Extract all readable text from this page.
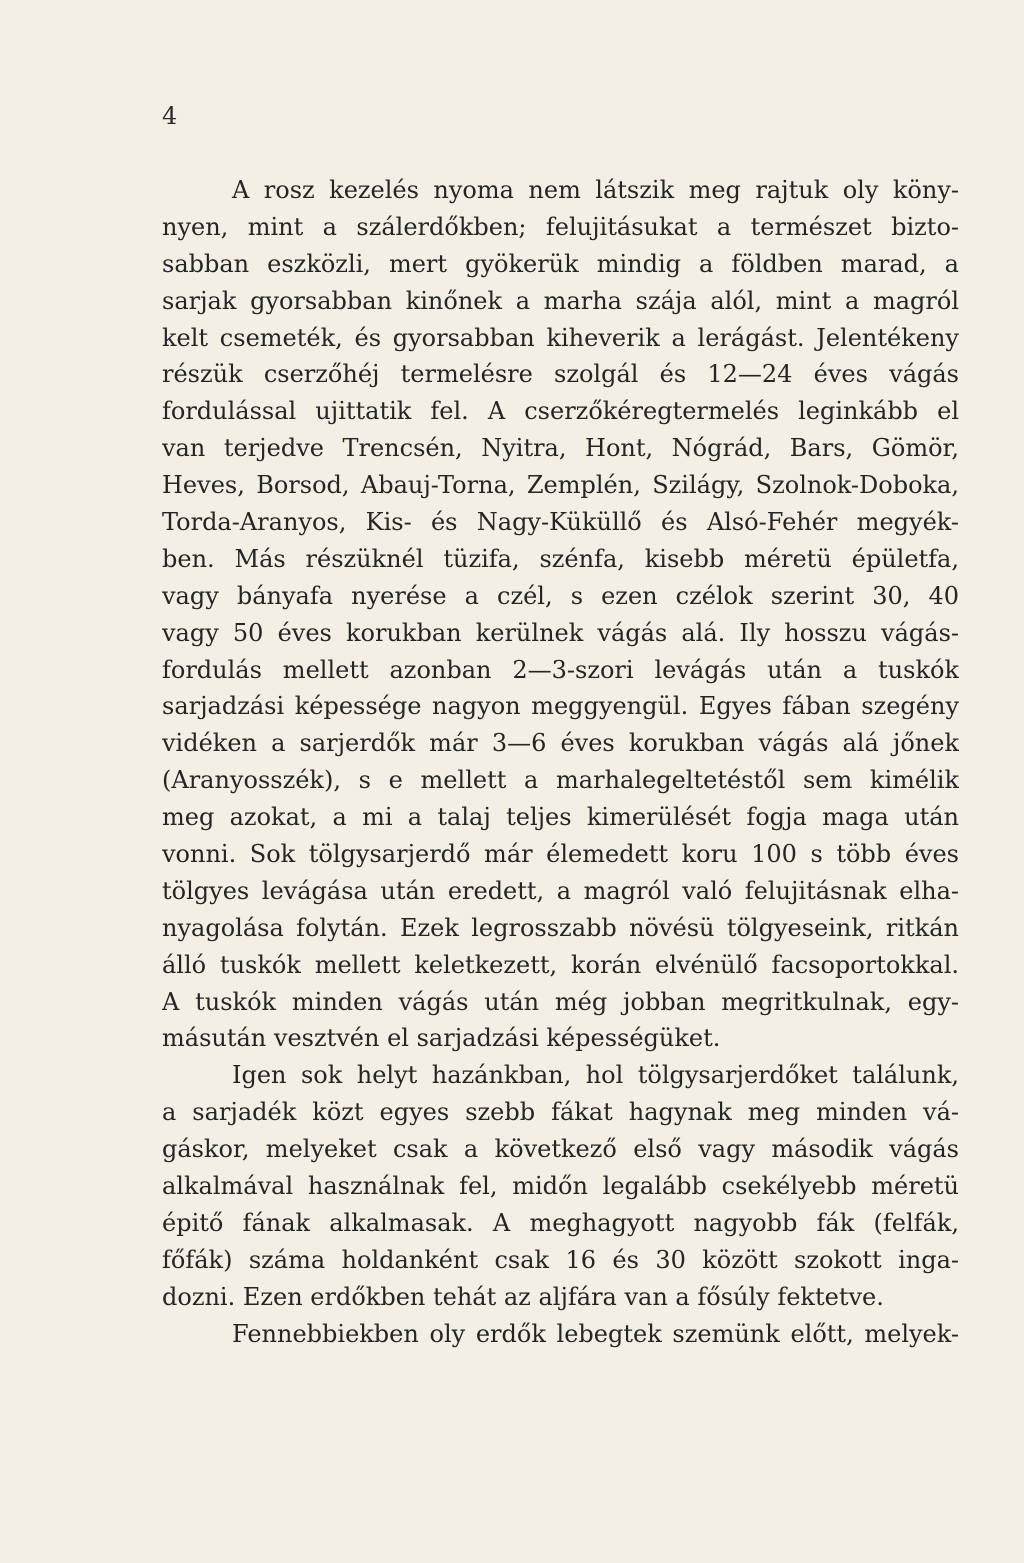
4
A rosz kezelés nyoma nem látszik meg rajtuk oly köny-
nyen, mint a szálerdőkben; felujitásukat a természet bizto-
sabban eszközli, mert gyökerük mindig a földben marad, a
sarjak gyorsabban kinőnek a marha szája alól, mint a magról
kelt csemeték, és gyorsabban kiheverik a lerágást. Jelentékeny
részük cserzőhéj termelésre szolgál és 12—24 éves vágás
fordulással ujittatik fel. A cserzőkéregtermelés leginkább el
van terjedve Trencsén, Nyitra, Hont, Nógrád, Bars, Gömör,
Heves, Borsod, Abauj-Torna, Zemplén, Szilágy, Szolnok-Doboka,
Torda-Aranyos, Kis- és Nagy-Küküllő és Alsó-Fehér megyék-
ben. Más részüknél tüzifa, szénfa, kisebb méretü épületfa,
vagy bányafa nyerése a czél, s ezen czélok szerint 30, 40
vagy 50 éves korukban kerülnek vágás alá. Ily hosszu vágás-
fordulás mellett azonban 2—3-szori levágás után a tuskók
sarjadzási képessége nagyon meggyengül. Egyes fában szegény
vidéken a sarjerdők már 3—6 éves korukban vágás alá jőnek
(Aranyosszék), s e mellett a marhalegeltetéstől sem kimélik
meg azokat, a mi a talaj teljes kimerülését fogja maga után
vonni. Sok tölgysarjerdő már élemedett koru 100 s több éves
tölgyes levágása után eredett, a magról való felujitásnak elha-
nyagolása folytán. Ezek legrosszabb növésü tölgyeseink, ritkán
álló tuskók mellett keletkezett, korán elvénülő facsoportokkal.
A tuskók minden vágás után még jobban megritkulnak, egy-
másután vesztvén el sarjadzási képességüket.
Igen sok helyt hazánkban, hol tölgysarjerdőket találunk,
a sarjadék közt egyes szebb fákat hagynak meg minden vá-
gáskor, melyeket csak a következő első vagy második vágás
alkalmával használnak fel, midőn legalább csekélyebb méretü
épitő fának alkalmasak. A meghagyott nagyobb fák (felfák,
főfák) száma holdanként csak 16 és 30 között szokott inga-
dozni. Ezen erdőkben tehát az aljfára van a fősúly fektetve.
Fennebbiekben oly erdők lebegtek szemünk előtt, melyek-
